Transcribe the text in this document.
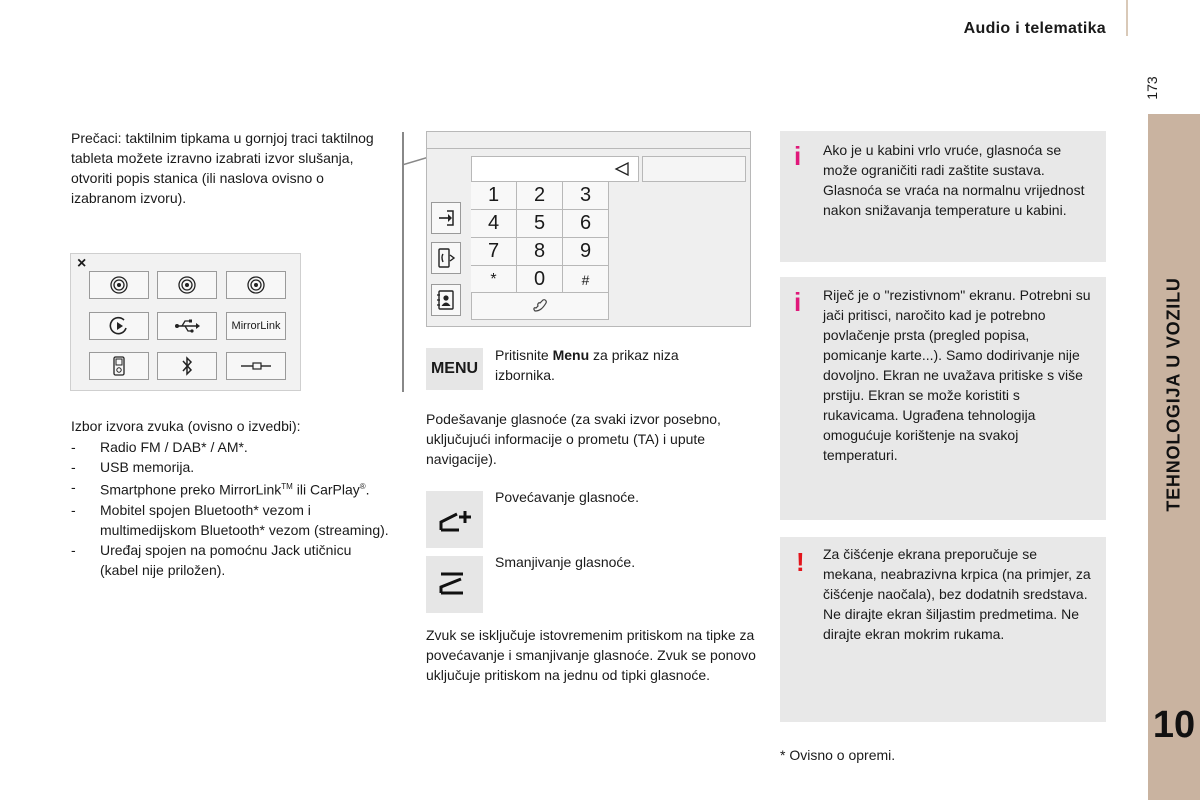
Audio i telematika
173
TEHNOLOGIJA U VOZILU
10

Prečaci: taktilnim tipkama u gornjoj traci taktilnog tableta možete izravno izabrati izvor slušanja, otvoriti popis stanica (ili naslova ovisno o izabranom izvoru).

×
MirrorLink

Izbor izvora zvuka (ovisno o izvedbi):

- Radio FM / DAB* / AM*.
- USB memorija.
- Smartphone preko MirrorLink™ ili CarPlay®.
- Mobitel spojen Bluetooth* vezom i multimedijskom Bluetooth* vezom (streaming).
- Uređaj spojen na pomoćnu Jack utičnicu (kabel nije priložen).
1	2	3
4	5	6
7	8	9
*	0	#
MENU

Pritisnite Menu za prikaz niza izbornika.

Podešavanje glasnoće (za svaki izvor posebno, uključujući informacije o prometu (TA) i upute navigacije).

Povećavanje glasnoće.

Smanjivanje glasnoće.

Zvuk se isključuje istovremenim pritiskom na tipke za povećavanje i smanjivanje glasnoće. Zvuk se ponovo uključuje pritiskom na jednu od tipki glasnoće.

i Ako je u kabini vrlo vruće, glasnoća se može ograničiti radi zaštite sustava. Glasnoća se vraća na normalnu vrijednost nakon snižavanja temperature u kabini.
i Riječ je o "rezistivnom" ekranu. Potrebni su jači pritisci, naročito kad je potrebno povlačenje prsta (pregled popisa, pomicanje karte...). Samo dodirivanje nije dovoljno. Ekran ne uvažava pritiske s više prstiju. Ekran se može koristiti s rukavicama. Ugrađena tehnologija omogućuje korištenje na svakoj temperaturi.
! Za čišćenje ekrana preporučuje se mekana, neabrazivna krpica (na primjer, za čišćenje naočala), bez dodatnih sredstava. Ne dirajte ekran šiljastim predmetima. Ne dirajte ekran mokrim rukama.

* Ovisno o opremi.
